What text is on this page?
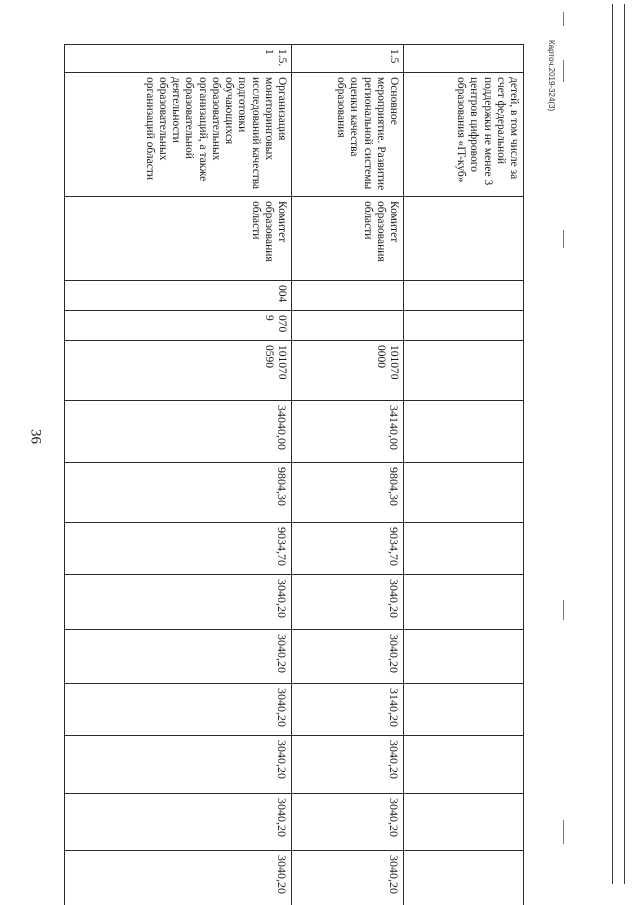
36
	детей, в том числе за счет федеральной поддержки не менее 3 центров цифрового образования «IT-куб»													
1.5	Основное мероприятие. Развитие региональной системы оценки качества образования	Комитет образования области			101070 0000	34140,00	9804,30	9034,70	3040,20	3040,20	3140,20	3040,20	3040,20	3040,20
1.5.1	Организация мониторинговых исследований качества подготовки обучающихся образовательных организаций, а также образовательной деятельности образовательных организаций области	Комитет образования области	004	070 9	101070 0590	34040,00	9804,30	9034,70	3040,20	3040,20	3040,20	3040,20	3040,20	3040,20
Карточ.2019-324(3)
